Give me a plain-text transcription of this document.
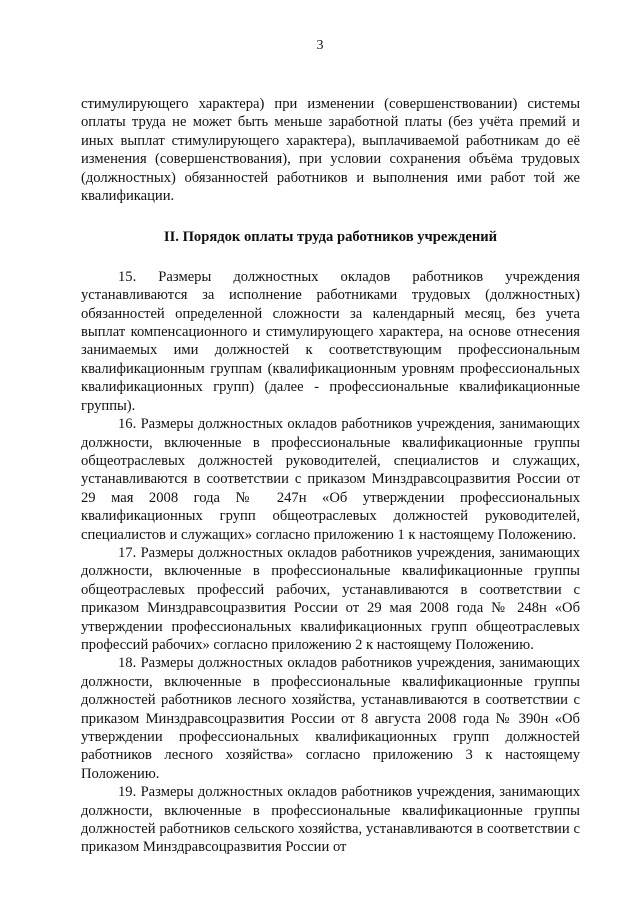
3

стимулирующего характера) при изменении (совершенствовании) системы оплаты труда не может быть меньше заработной платы (без учёта премий и иных выплат стимулирующего характера), выплачиваемой работникам до её изменения (совершенствования), при условии сохранения объёма трудовых (должностных) обязанностей работников и выполнения ими работ той же квалификации.

II. Порядок оплаты труда работников учреждений

15. Размеры должностных окладов работников учреждения устанавливаются за исполнение работниками трудовых (должностных) обязанностей определенной сложности за календарный месяц, без учета выплат компенсационного и стимулирующего характера, на основе отнесения занимаемых ими должностей к соответствующим профессиональным квалификационным группам (квалификационным уровням профессиональных квалификационных групп) (далее - профессиональные квалификационные группы).

16. Размеры должностных окладов работников учреждения, занимающих должности, включенные в профессиональные квалификационные группы общеотраслевых должностей руководителей, специалистов и служащих, устанавливаются в соответствии с приказом Минздравсоцразвития России от 29 мая 2008 года № 247н «Об утверждении профессиональных квалификационных групп общеотраслевых должностей руководителей, специалистов и служащих» согласно приложению 1 к настоящему Положению.

17. Размеры должностных окладов работников учреждения, занимающих должности, включенные в профессиональные квалификационные группы общеотраслевых профессий рабочих, устанавливаются в соответствии с приказом Минздравсоцразвития России от 29 мая 2008 года № 248н «Об утверждении профессиональных квалификационных групп общеотраслевых профессий рабочих» согласно приложению 2 к настоящему Положению.

18. Размеры должностных окладов работников учреждения, занимающих должности, включенные в профессиональные квалификационные группы должностей работников лесного хозяйства, устанавливаются в соответствии с приказом Минздравсоцразвития России от 8 августа 2008 года № 390н «Об утверждении профессиональных квалификационных групп должностей работников лесного хозяйства» согласно приложению 3 к настоящему Положению.

19. Размеры должностных окладов работников учреждения, занимающих должности, включенные в профессиональные квалификационные группы должностей работников сельского хозяйства, устанавливаются в соответствии с приказом Минздравсоцразвития России от
